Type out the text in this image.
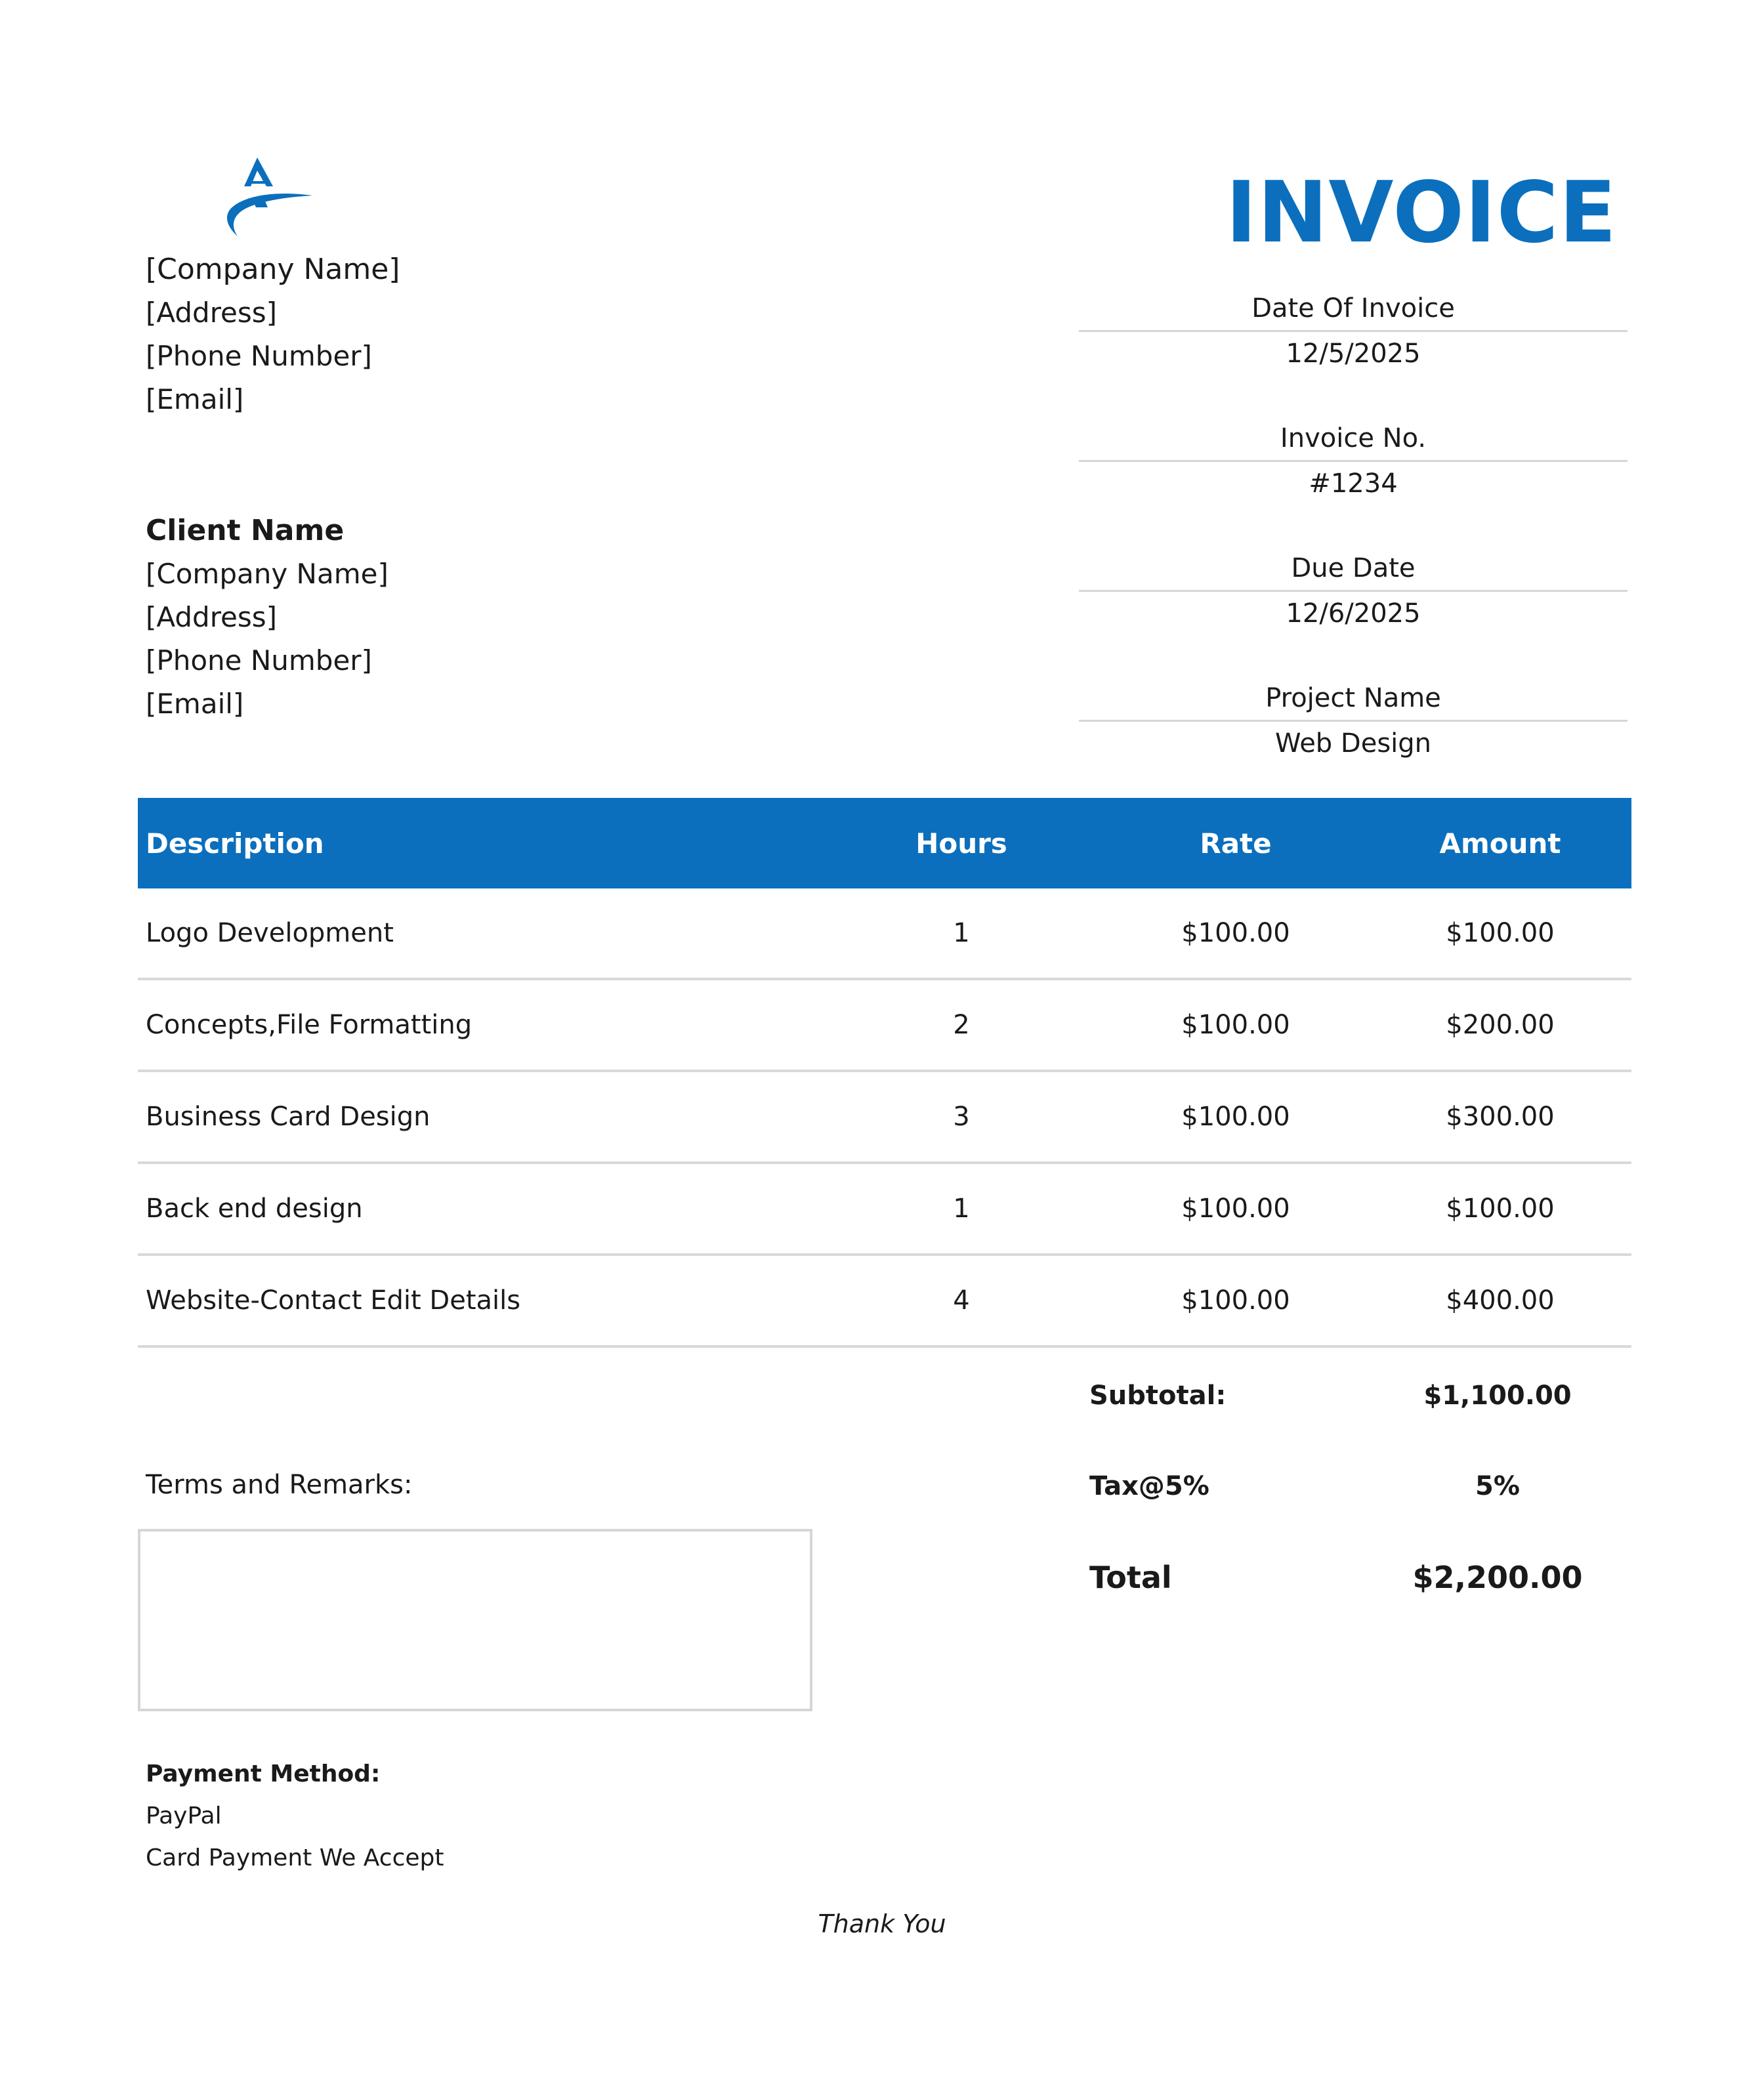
INVOICE
[Company Name]
[Address]
[Phone Number]
[Email]
Client Name
[Company Name]
[Address]
[Phone Number]
[Email]
Date Of Invoice
12/5/2025
Invoice No.
#1234
Due Date
12/6/2025
Project Name
Web Design
Description	Hours	Rate	Amount
Logo Development	1	$100.00	$100.00
Concepts,File Formatting	2	$100.00	$200.00
Business Card Design	3	$100.00	$300.00
Back end design	1	$100.00	$100.00
Website-Contact Edit Details	4	$100.00	$400.00
Subtotal:	$1,100.00
Tax@5%	5%
Total	$2,200.00
Terms and Remarks:
Payment Method:
PayPal
Card Payment We Accept
Thank You
